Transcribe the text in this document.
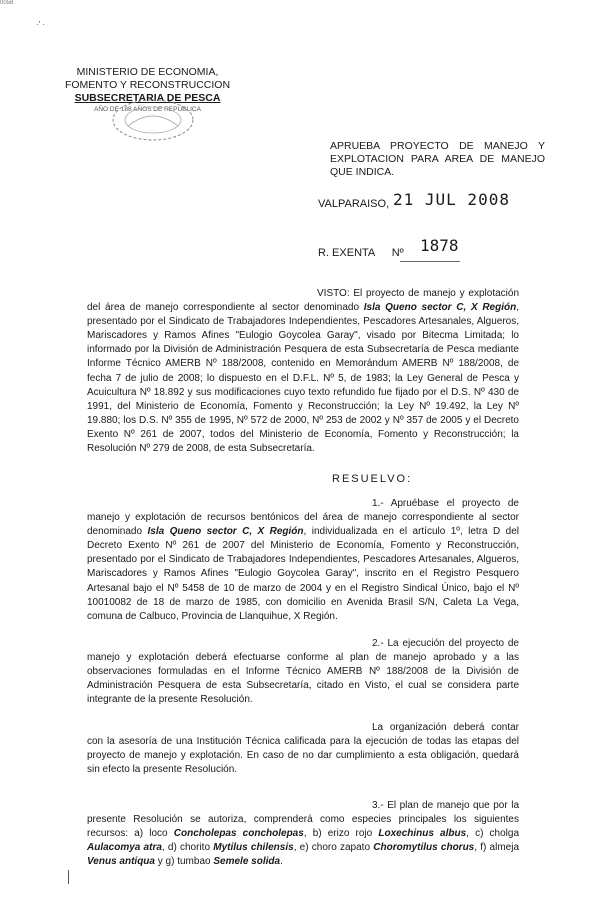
0058
·' ·
MINISTERIO DE ECONOMIA,
FOMENTO Y RECONSTRUCCION
SUBSECRETARIA DE PESCA
AÑO DE 188 AÑOS DE REPÚBLICA
APRUEBA PROYECTO DE MANEJO Y EXPLOTACION PARA AREA DE MANEJO QUE INDICA.
VALPARAISO, 21 JUL 2008
R. EXENTA Nº 1878

VISTO: El proyecto de manejo y explotación del área de manejo correspondiente al sector denominado Isla Queno sector C, X Región, presentado por el Sindicato de Trabajadores Independientes, Pescadores Artesanales, Algueros, Mariscadores y Ramos Afines "Eulogio Goycolea Garay", visado por Bitecma Limitada; lo informado por la División de Administración Pesquera de esta Subsecretaría de Pesca mediante Informe Técnico AMERB Nº 188/2008, contenido en Memorándum AMERB Nº 188/2008, de fecha 7 de julio de 2008; lo dispuesto en el D.F.L. Nº 5, de 1983; la Ley General de Pesca y Acuicultura Nº 18.892 y sus modificaciones cuyo texto refundido fue fijado por el D.S. Nº 430 de 1991, del Ministerio de Economía, Fomento y Reconstrucción; la Ley Nº 19.492, la Ley Nº 19.880; los D.S. Nº 355 de 1995, Nº 572 de 2000, Nº 253 de 2002 y Nº 357 de 2005 y el Decreto Exento Nº 261 de 2007, todos del Ministerio de Economía, Fomento y Reconstrucción; la Resolución Nº 279 de 2008, de esta Subsecretaría.

RESUELVO:

1.- Apruébase el proyecto de manejo y explotación de recursos bentónicos del área de manejo correspondiente al sector denominado Isla Queno sector C, X Región, individualizada en el artículo 1º, letra D del Decreto Exento Nº 261 de 2007 del Ministerio de Economía, Fomento y Reconstrucción, presentado por el Sindicato de Trabajadores Independientes, Pescadores Artesanales, Algueros, Mariscadores y Ramos Afines "Eulogio Goycolea Garay", inscrito en el Registro Pesquero Artesanal bajo el Nº 5458 de 10 de marzo de 2004 y en el Registro Sindical Único, bajo el Nº 10010082 de 18 de marzo de 1985, con domicilio en Avenida Brasil S/N, Caleta La Vega, comuna de Calbuco, Provincia de Llanquihue, X Región.

2.- La ejecución del proyecto de manejo y explotación deberá efectuarse conforme al plan de manejo aprobado y a las observaciones formuladas en el Informe Técnico AMERB Nº 188/2008 de la División de Administración Pesquera de esta Subsecretaría, citado en Visto, el cual se considera parte integrante de la presente Resolución.

La organización deberá contar con la asesoría de una Institución Técnica calificada para la ejecución de todas las etapas del proyecto de manejo y explotación. En caso de no dar cumplimiento a esta obligación, quedará sin efecto la presente Resolución.

3.- El plan de manejo que por la presente Resolución se autoriza, comprenderá como especies principales los siguientes recursos: a) loco Concholepas concholepas, b) erizo rojo Loxechinus albus, c) cholga Aulacomya atra, d) chorito Mytilus chilensis, e) choro zapato Choromytilus chorus, f) almeja Venus antiqua y g) tumbao Semele solida.
